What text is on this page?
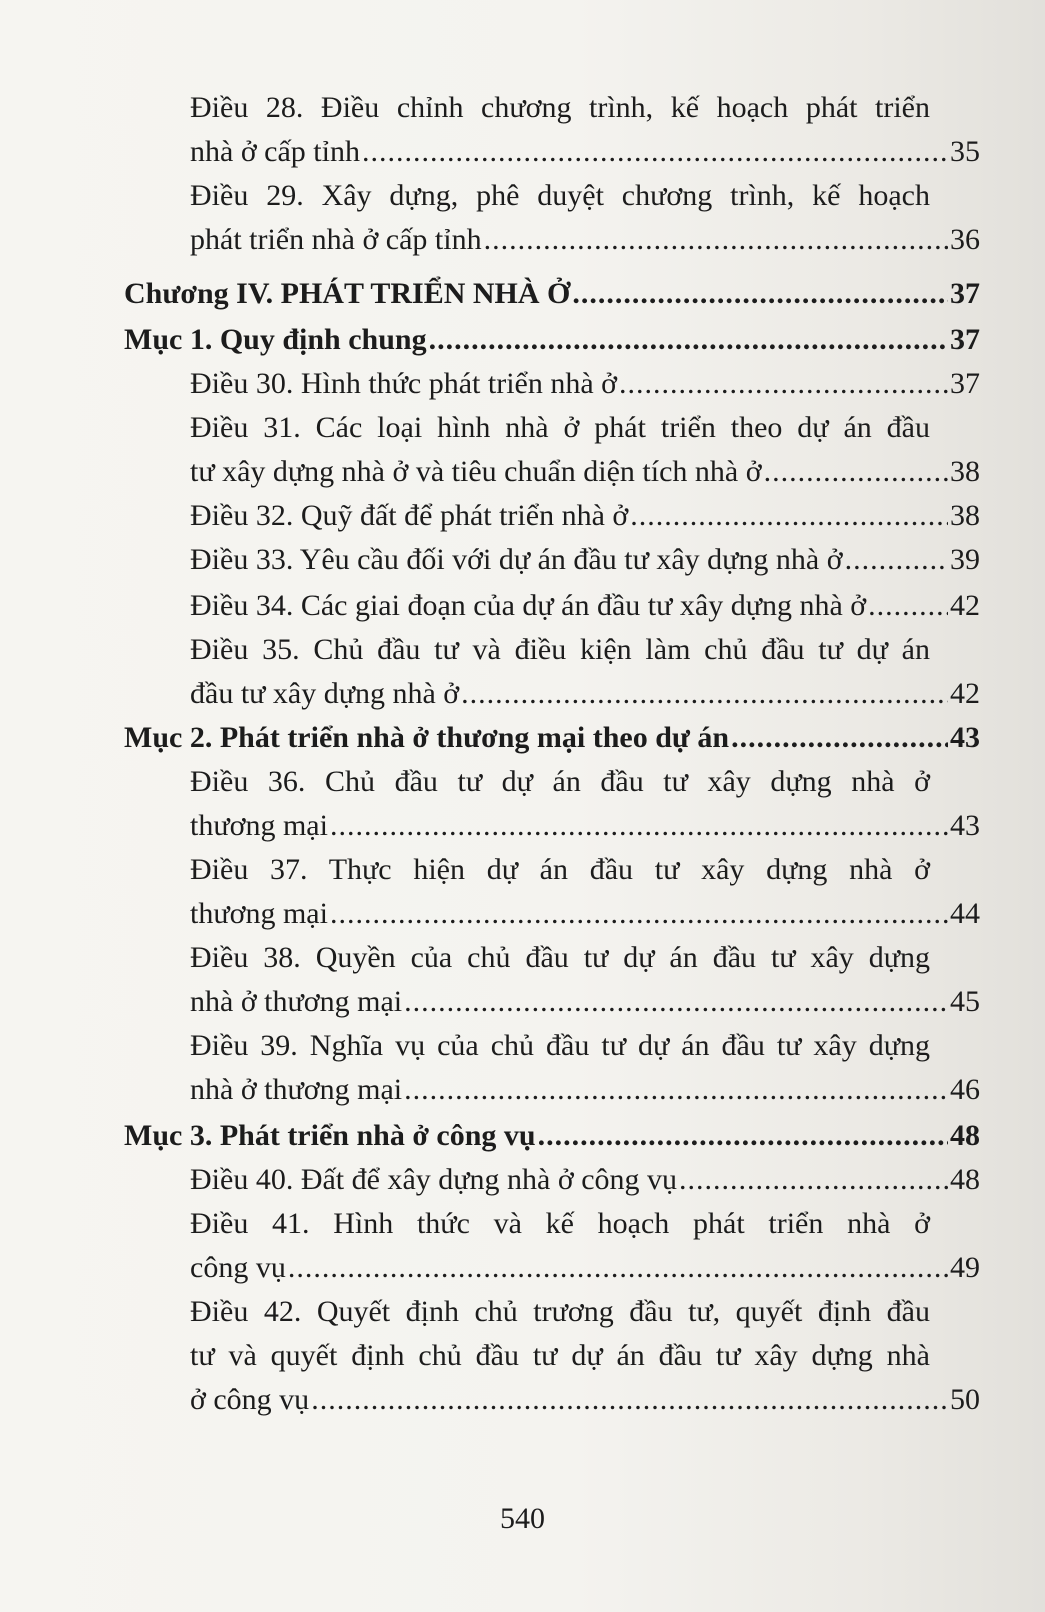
Điều 28. Điều chỉnh chương trình, kế hoạch phát triển
nhà ở cấp tỉnh .....	35
Điều 29. Xây dựng, phê duyệt chương trình, kế hoạch
phát triển nhà ở cấp tỉnh .....	36
Chương IV. PHÁT TRIỂN NHÀ Ở .....	37
Mục 1. Quy định chung .....	37
Điều 30. Hình thức phát triển nhà ở .....	37
Điều 31. Các loại hình nhà ở phát triển theo dự án đầu
tư xây dựng nhà ở và tiêu chuẩn diện tích nhà ở .....	38
Điều 32. Quỹ đất để phát triển nhà ở .....	38
Điều 33. Yêu cầu đối với dự án đầu tư xây dựng nhà ở .....	39
Điều 34. Các giai đoạn của dự án đầu tư xây dựng nhà ở .....	42
Điều 35. Chủ đầu tư và điều kiện làm chủ đầu tư dự án
đầu tư xây dựng nhà ở .....	42
Mục 2. Phát triển nhà ở thương mại theo dự án .....	43
Điều 36. Chủ đầu tư dự án đầu tư xây dựng nhà ở
thương mại .....	43
Điều 37. Thực hiện dự án đầu tư xây dựng nhà ở
thương mại .....	44
Điều 38. Quyền của chủ đầu tư dự án đầu tư xây dựng
nhà ở thương mại .....	45
Điều 39. Nghĩa vụ của chủ đầu tư dự án đầu tư xây dựng
nhà ở thương mại .....	46
Mục 3. Phát triển nhà ở công vụ .....	48
Điều 40. Đất để xây dựng nhà ở công vụ .....	48
Điều 41. Hình thức và kế hoạch phát triển nhà ở
công vụ .....	49
Điều 42. Quyết định chủ trương đầu tư, quyết định đầu
tư và quyết định chủ đầu tư dự án đầu tư xây dựng nhà
ở công vụ .....	50
540
